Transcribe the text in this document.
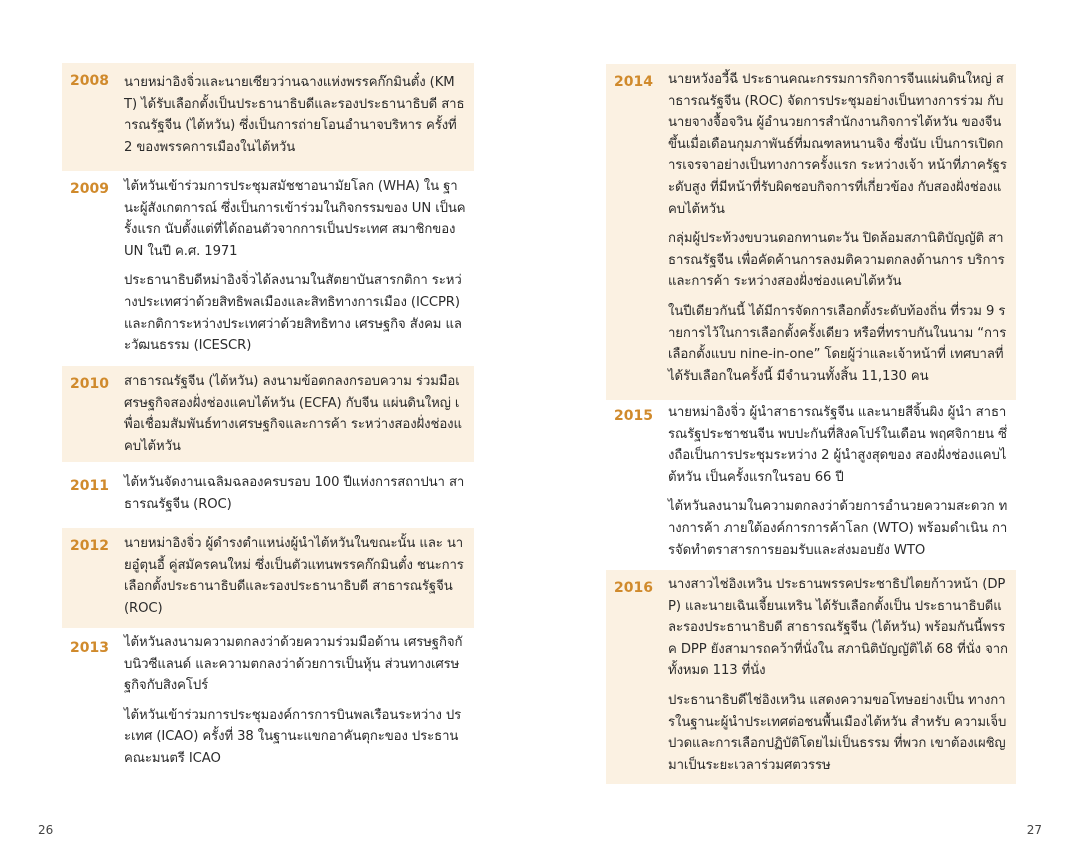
2008 นายหม่าอิงจิ่วและนายเซียวว่านฉางแห่งพรรคก๊กมินตั๋ง (KMT) ได้รับเลือกตั้งเป็นประธานาธิบดีและรองประธานาธิบดี สาธารณรัฐจีน (ไต้หวัน) ซึ่งเป็นการถ่ายโอนอำนาจบริหาร ครั้งที่ 2 ของพรรคการเมืองในไต้หวัน

2009 ไต้หวันเข้าร่วมการประชุมสมัชชาอนามัยโลก (WHA) ใน ฐานะผู้สังเกตการณ์ ซึ่งเป็นการเข้าร่วมในกิจกรรมของ UN เป็นครั้งแรก นับตั้งแต่ที่ได้ถอนตัวจากการเป็นประเทศ สมาชิกของ UN ในปี ค.ศ. 1971

ประธานาธิบดีหม่าอิงจิ่วได้ลงนามในสัตยาบันสารกติกา ระหว่างประเทศว่าด้วยสิทธิพลเมืองและสิทธิทางการเมือง (ICCPR) และกติการะหว่างประเทศว่าด้วยสิทธิทาง เศรษฐกิจ สังคม และวัฒนธรรม (ICESCR)

2010 สาธารณรัฐจีน (ไต้หวัน) ลงนามข้อตกลงกรอบความ ร่วมมือเศรษฐกิจสองฝั่งช่องแคบไต้หวัน (ECFA) กับจีน แผ่นดินใหญ่ เพื่อเชื่อมสัมพันธ์ทางเศรษฐกิจและการค้า ระหว่างสองฝั่งช่องแคบไต้หวัน

2011 ไต้หวันจัดงานเฉลิมฉลองครบรอบ 100 ปีแห่งการสถาปนา สาธารณรัฐจีน (ROC)

2012 นายหม่าอิงจิ่ว ผู้ดำรงตำแหน่งผู้นำไต้หวันในขณะนั้น และ นายอู๋ตุนอี้ คู่สมัครคนใหม่ ซึ่งเป็นตัวแทนพรรคก๊กมินตั๋ง ชนะการเลือกตั้งประธานาธิบดีและรองประธานาธิบดี สาธารณรัฐจีน (ROC)

2013 ไต้หวันลงนามความตกลงว่าด้วยความร่วมมือด้าน เศรษฐกิจกับนิวซีแลนด์ และความตกลงว่าด้วยการเป็นหุ้น ส่วนทางเศรษฐกิจกับสิงคโปร์

ไต้หวันเข้าร่วมการประชุมองค์การการบินพลเรือนระหว่าง ประเทศ (ICAO) ครั้งที่ 38 ในฐานะแขกอาคันตุกะของ ประธานคณะมนตรี ICAO

26
2014 นายหวังอวี้ฉี ประธานคณะกรรมการกิจการจีนแผ่นดินใหญ่ สาธารณรัฐจีน (ROC) จัดการประชุมอย่างเป็นทางการร่วม กับนายจางจื้อจวิน ผู้อำนวยการสำนักงานกิจการไต้หวัน ของจีน ขึ้นเมื่อเดือนกุมภาพันธ์ที่มณฑลหนานจิง ซึ่งนับ เป็นการเปิดการเจรจาอย่างเป็นทางการครั้งแรก ระหว่างเจ้า หน้าที่ภาครัฐระดับสูง ที่มีหน้าที่รับผิดชอบกิจการที่เกี่ยวข้อง กับสองฝั่งช่องแคบไต้หวัน

กลุ่มผู้ประท้วงขบวนดอกทานตะวัน ปิดล้อมสภานิติบัญญัติ สาธารณรัฐจีน เพื่อคัดค้านการลงมติความตกลงด้านการ บริการและการค้า ระหว่างสองฝั่งช่องแคบไต้หวัน

ในปีเดียวกันนี้ ได้มีการจัดการเลือกตั้งระดับท้องถิ่น ที่รวม 9 รายการไว้ในการเลือกตั้งครั้งเดียว หรือที่ทราบกันในนาม “การเลือกตั้งแบบ nine-in-one” โดยผู้ว่าและเจ้าหน้าที่ เทศบาลที่ได้รับเลือกในครั้งนี้ มีจำนวนทั้งสิ้น 11,130 คน

2015 นายหม่าอิงจิ่ว ผู้นำสาธารณรัฐจีน และนายสีจิ้นผิง ผู้นำ สาธารณรัฐประชาชนจีน พบปะกันที่สิงคโปร์ในเดือน พฤศจิกายน ซึ่งถือเป็นการประชุมระหว่าง 2 ผู้นำสูงสุดของ สองฝั่งช่องแคบไต้หวัน เป็นครั้งแรกในรอบ 66 ปี

ไต้หวันลงนามในความตกลงว่าด้วยการอำนวยความสะดวก ทางการค้า ภายใต้องค์การการค้าโลก (WTO) พร้อมดำเนิน การจัดทำตราสารการยอมรับและส่งมอบยัง WTO

2016 นางสาวไช่อิงเหวิน ประธานพรรคประชาธิปไตยก้าวหน้า (DPP) และนายเฉินเจี้ยนเหริน ได้รับเลือกตั้งเป็น ประธานาธิบดีและรองประธานาธิบดี สาธารณรัฐจีน (ไต้หวัน) พร้อมกันนี้พรรค DPP ยังสามารถคว้าที่นั่งใน สภานิติบัญญัติได้ 68 ที่นั่ง จากทั้งหมด 113 ที่นั่ง

ประธานาธิบดีไช่อิงเหวิน แสดงความขอโทษอย่างเป็น ทางการในฐานะผู้นำประเทศต่อชนพื้นเมืองไต้หวัน สำหรับ ความเจ็บปวดและการเลือกปฏิบัติโดยไม่เป็นธรรม ที่พวก เขาต้องเผชิญมาเป็นระยะเวลาร่วมศตวรรษ

27
